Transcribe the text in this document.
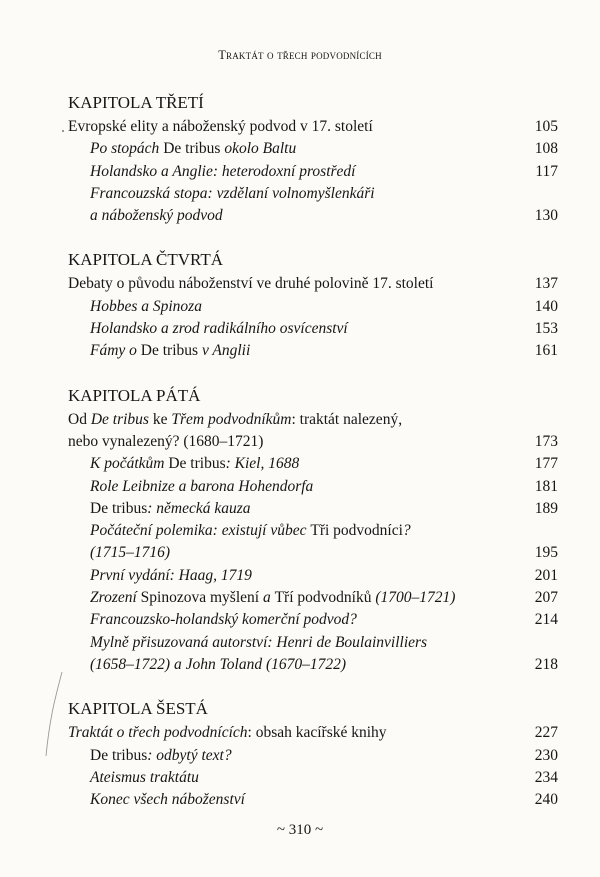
Traktát o třech podvodnících
KAPITOLA TŘETÍ
Evropské elity a náboženský podvod v 17. století	105
Po stopách De tribus okolo Baltu	108
Holandsko a Anglie: heterodoxní prostředí	117
Francouzská stopa: vzdělaní volnomyšlenkáři
a náboženský podvod	130
KAPITOLA ČTVRTÁ
Debaty o původu náboženství ve druhé polovině 17. století	137
Hobbes a Spinoza	140
Holandsko a zrod radikálního osvícenství	153
Fámy o De tribus v Anglii	161
KAPITOLA PÁTÁ
Od De tribus ke Třem podvodníkům: traktát nalezený,
nebo vynalezený? (1680–1721)	173
K počátkům De tribus: Kiel, 1688	177
Role Leibnize a barona Hohendorfa	181
De tribus: německá kauza	189
Počáteční polemika: existují vůbec Tři podvodníci?
(1715–1716)	195
První vydání: Haag, 1719	201
Zrození Spinozova myšlení a Tří podvodníků (1700–1721)	207
Francouzsko-holandský komerční podvod?	214
Mylně přisuzovaná autorství: Henri de Boulainvilliers
(1658–1722) a John Toland (1670–1722)	218
KAPITOLA ŠESTÁ
Traktát o třech podvodnících: obsah kacířské knihy	227
De tribus: odbytý text?	230
Ateismus traktátu	234
Konec všech náboženství	240
~ 310 ~
